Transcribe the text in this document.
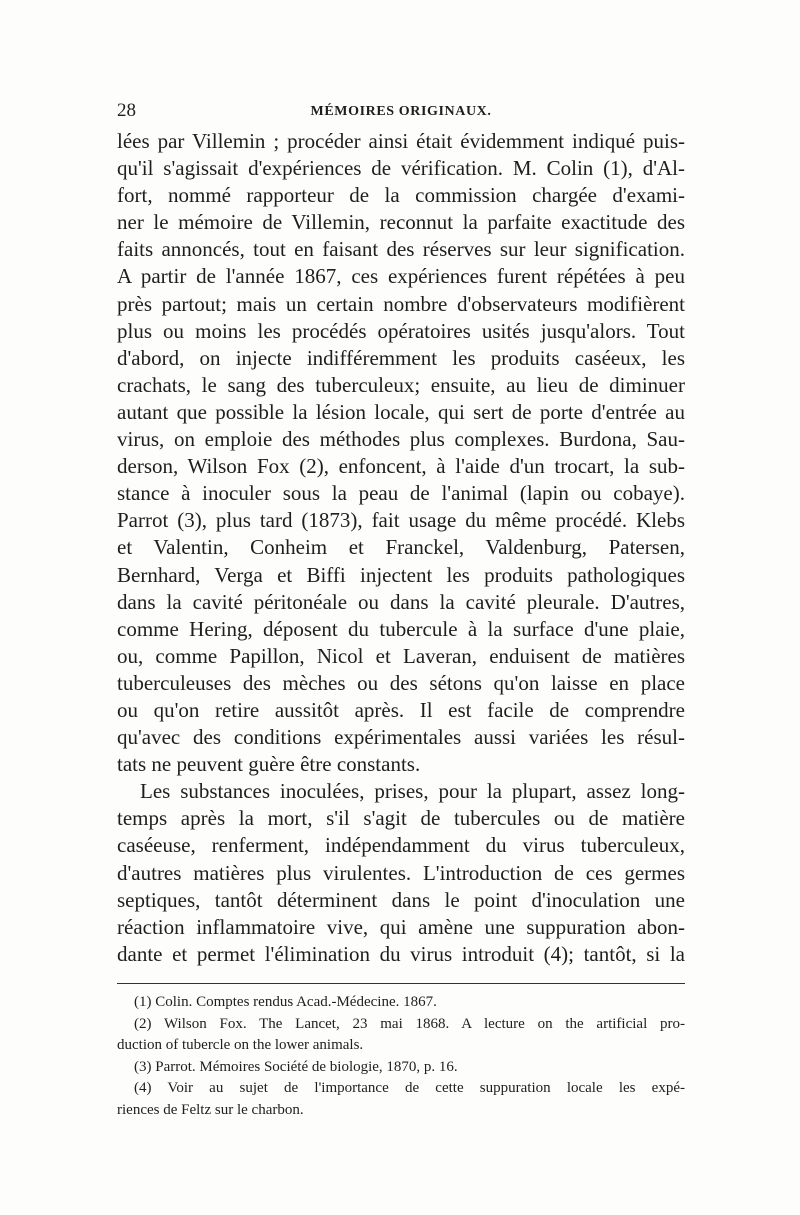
28	MÉMOIRES ORIGINAUX.
lées par Villemin ; procéder ainsi était évidemment indiqué puis-
qu'il s'agissait d'expériences de vérification. M. Colin (1), d'Al-
fort, nommé rapporteur de la commission chargée d'exami-
ner le mémoire de Villemin, reconnut la parfaite exactitude des
faits annoncés, tout en faisant des réserves sur leur signification.
A partir de l'année 1867, ces expériences furent répétées à peu
près partout; mais un certain nombre d'observateurs modifièrent
plus ou moins les procédés opératoires usités jusqu'alors. Tout
d'abord, on injecte indifféremment les produits caséeux, les
crachats, le sang des tuberculeux; ensuite, au lieu de diminuer
autant que possible la lésion locale, qui sert de porte d'entrée au
virus, on emploie des méthodes plus complexes. Burdona, Sau-
derson, Wilson Fox (2), enfoncent, à l'aide d'un trocart, la sub-
stance à inoculer sous la peau de l'animal (lapin ou cobaye).
Parrot (3), plus tard (1873), fait usage du même procédé. Klebs
et Valentin, Conheim et Franckel, Valdenburg, Patersen,
Bernhard, Verga et Biffi injectent les produits pathologiques
dans la cavité péritonéale ou dans la cavité pleurale. D'autres,
comme Hering, déposent du tubercule à la surface d'une plaie,
ou, comme Papillon, Nicol et Laveran, enduisent de matières
tuberculeuses des mèches ou des sétons qu'on laisse en place
ou qu'on retire aussitôt après. Il est facile de comprendre
qu'avec des conditions expérimentales aussi variées les résul-
tats ne peuvent guère être constants.
Les substances inoculées, prises, pour la plupart, assez long-
temps après la mort, s'il s'agit de tubercules ou de matière
caséeuse, renferment, indépendamment du virus tuberculeux,
d'autres matières plus virulentes. L'introduction de ces germes
septiques, tantôt déterminent dans le point d'inoculation une
réaction inflammatoire vive, qui amène une suppuration abon-
dante et permet l'élimination du virus introduit (4); tantôt, si la
(1) Colin. Comptes rendus Acad.-Médecine. 1867.
(2) Wilson Fox. The Lancet, 23 mai 1868. A lecture on the artificial pro-
duction of tubercle on the lower animals.
(3) Parrot. Mémoires Société de biologie, 1870, p. 16.
(4) Voir au sujet de l'importance de cette suppuration locale les expé-
riences de Feltz sur le charbon.
